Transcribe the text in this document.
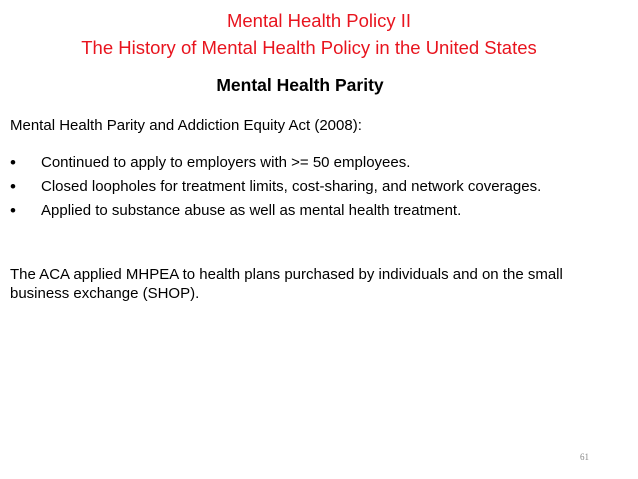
Mental Health Policy II
The History of Mental Health Policy in the United States
Mental Health Parity
Mental Health Parity and Addiction Equity Act (2008):
•	Continued to apply to employers with >= 50 employees.
•	Closed loopholes for treatment limits, cost-sharing, and network coverages.
•	Applied to substance abuse as well as mental health treatment.
The ACA applied MHPEA to health plans purchased by individuals and on the small business exchange (SHOP).
61
